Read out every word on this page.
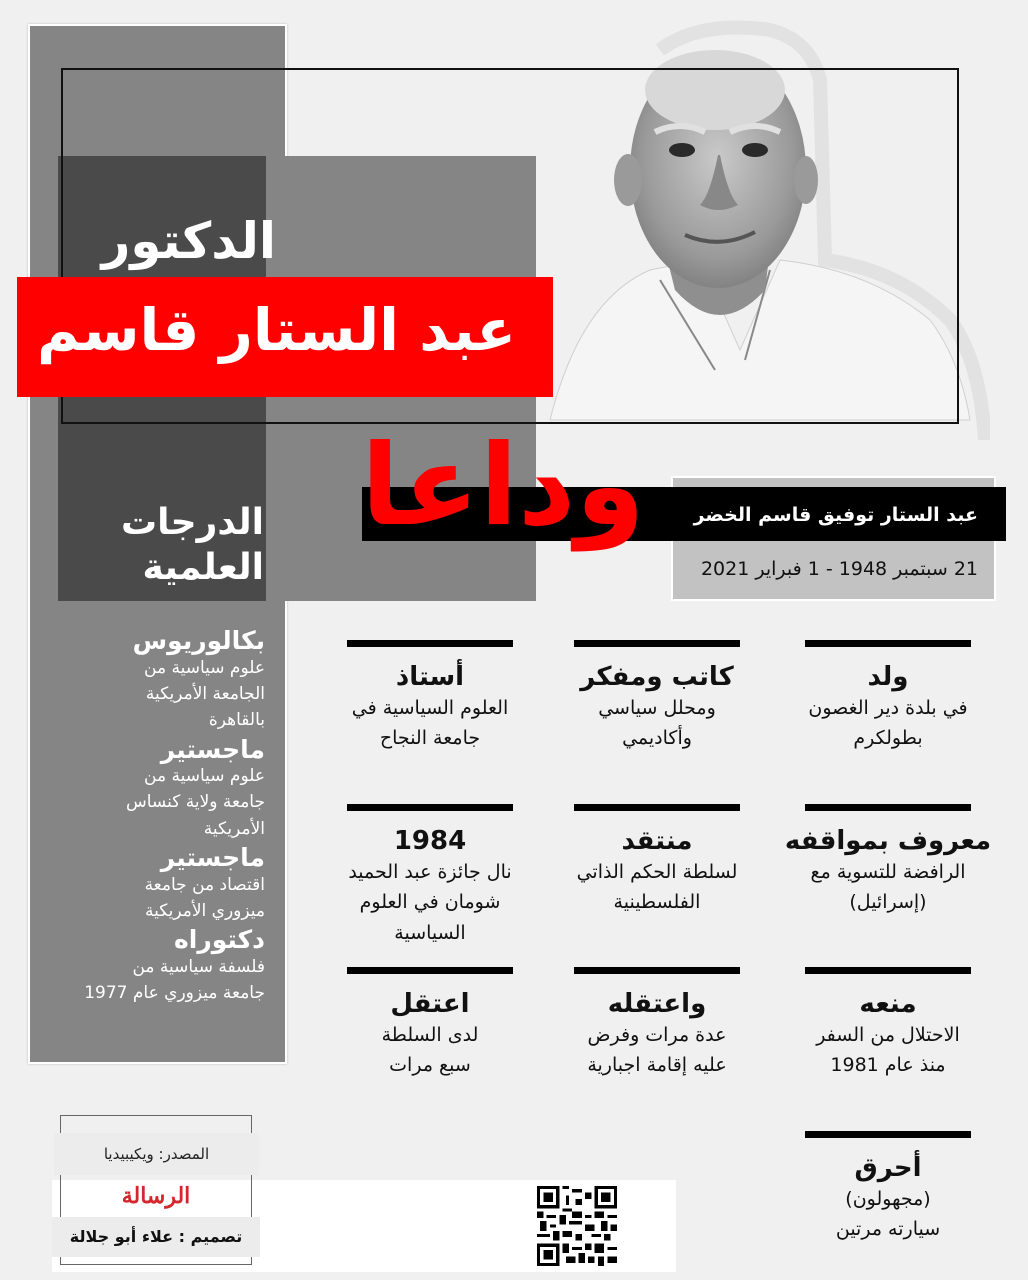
الدكتور
عبد الستار قاسم
عبد الستار توفيق قاسم الخضر
21 سبتمبر 1948 - 1 فبراير 2021
وداعا
الدرجات
العلمية
بكالوريوس
علوم سياسية من
الجامعة الأمريكية
بالقاهرة
ماجستير
علوم سياسية من
جامعة ولاية كنساس
الأمريكية
ماجستير
اقتصاد من جامعة
ميزوري الأمريكية
دكتوراه
فلسفة سياسية من
جامعة ميزوري عام 1977
ولد
في بلدة دير الغصون
بطولكرم
كاتب ومفكر
ومحلل سياسي
وأكاديمي
أستاذ
العلوم السياسية في
جامعة النجاح
معروف بمواقفه
الرافضة للتسوية مع
(إسرائيل)
منتقد
لسلطة الحكم الذاتي
الفلسطينية
1984
نال جائزة عبد الحميد
شومان في العلوم
السياسية
منعه
الاحتلال من السفر
منذ عام 1981
واعتقله
عدة مرات وفرض
عليه إقامة اجبارية
اعتقل
لدى السلطة
سبع مرات
أحرق
(مجهولون)
سيارته مرتين
المصدر: ويكيبيديا
الرسالة
تصميم : علاء أبو جلالة
